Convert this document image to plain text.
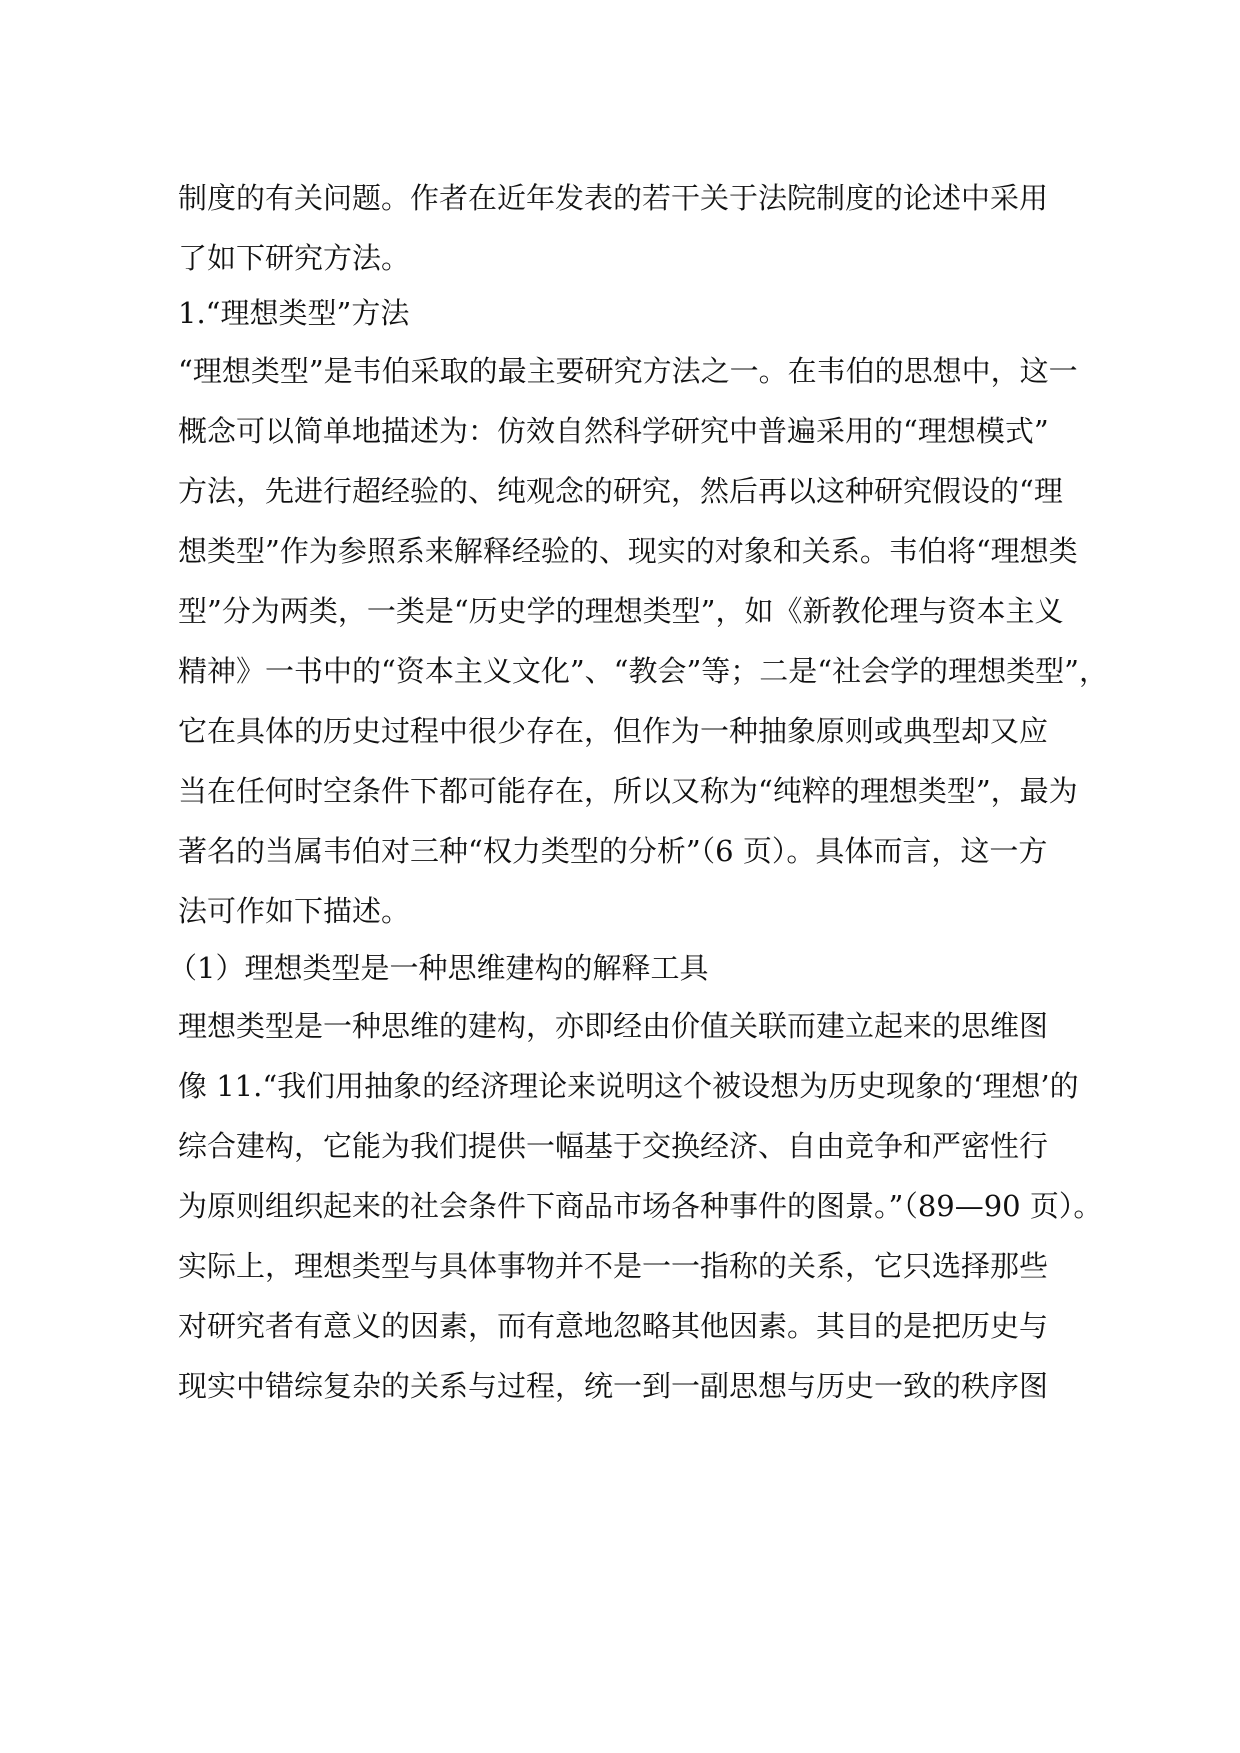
制度的有关问题。作者在近年发表的若干关于法院制度的论述中采用
了如下研究方法。
1.“理想类型”方法
“理想类型”是韦伯采取的最主要研究方法之一。在韦伯的思想中，这一
概念可以简单地描述为：仿效自然科学研究中普遍采用的“理想模式”
方法，先进行超经验的、纯观念的研究，然后再以这种研究假设的“理
想类型”作为参照系来解释经验的、现实的对象和关系。韦伯将“理想类
型”分为两类，一类是“历史学的理想类型”，如《新教伦理与资本主义
精神》一书中的“资本主义文化”、“教会”等；二是“社会学的理想类型”，
它在具体的历史过程中很少存在，但作为一种抽象原则或典型却又应
当在任何时空条件下都可能存在，所以又称为“纯粹的理想类型”，最为
著名的当属韦伯对三种“权力类型的分析”（6 页）。具体而言，这一方
法可作如下描述。
（1）理想类型是一种思维建构的解释工具
理想类型是一种思维的建构，亦即经由价值关联而建立起来的思维图
像 11.“我们用抽象的经济理论来说明这个被设想为历史现象的‘理想’的
综合建构，它能为我们提供一幅基于交换经济、自由竞争和严密性行
为原则组织起来的社会条件下商品市场各种事件的图景。”（89—90 页）。
实际上，理想类型与具体事物并不是一一指称的关系，它只选择那些
对研究者有意义的因素，而有意地忽略其他因素。其目的是把历史与
现实中错综复杂的关系与过程，统一到一副思想与历史一致的秩序图
